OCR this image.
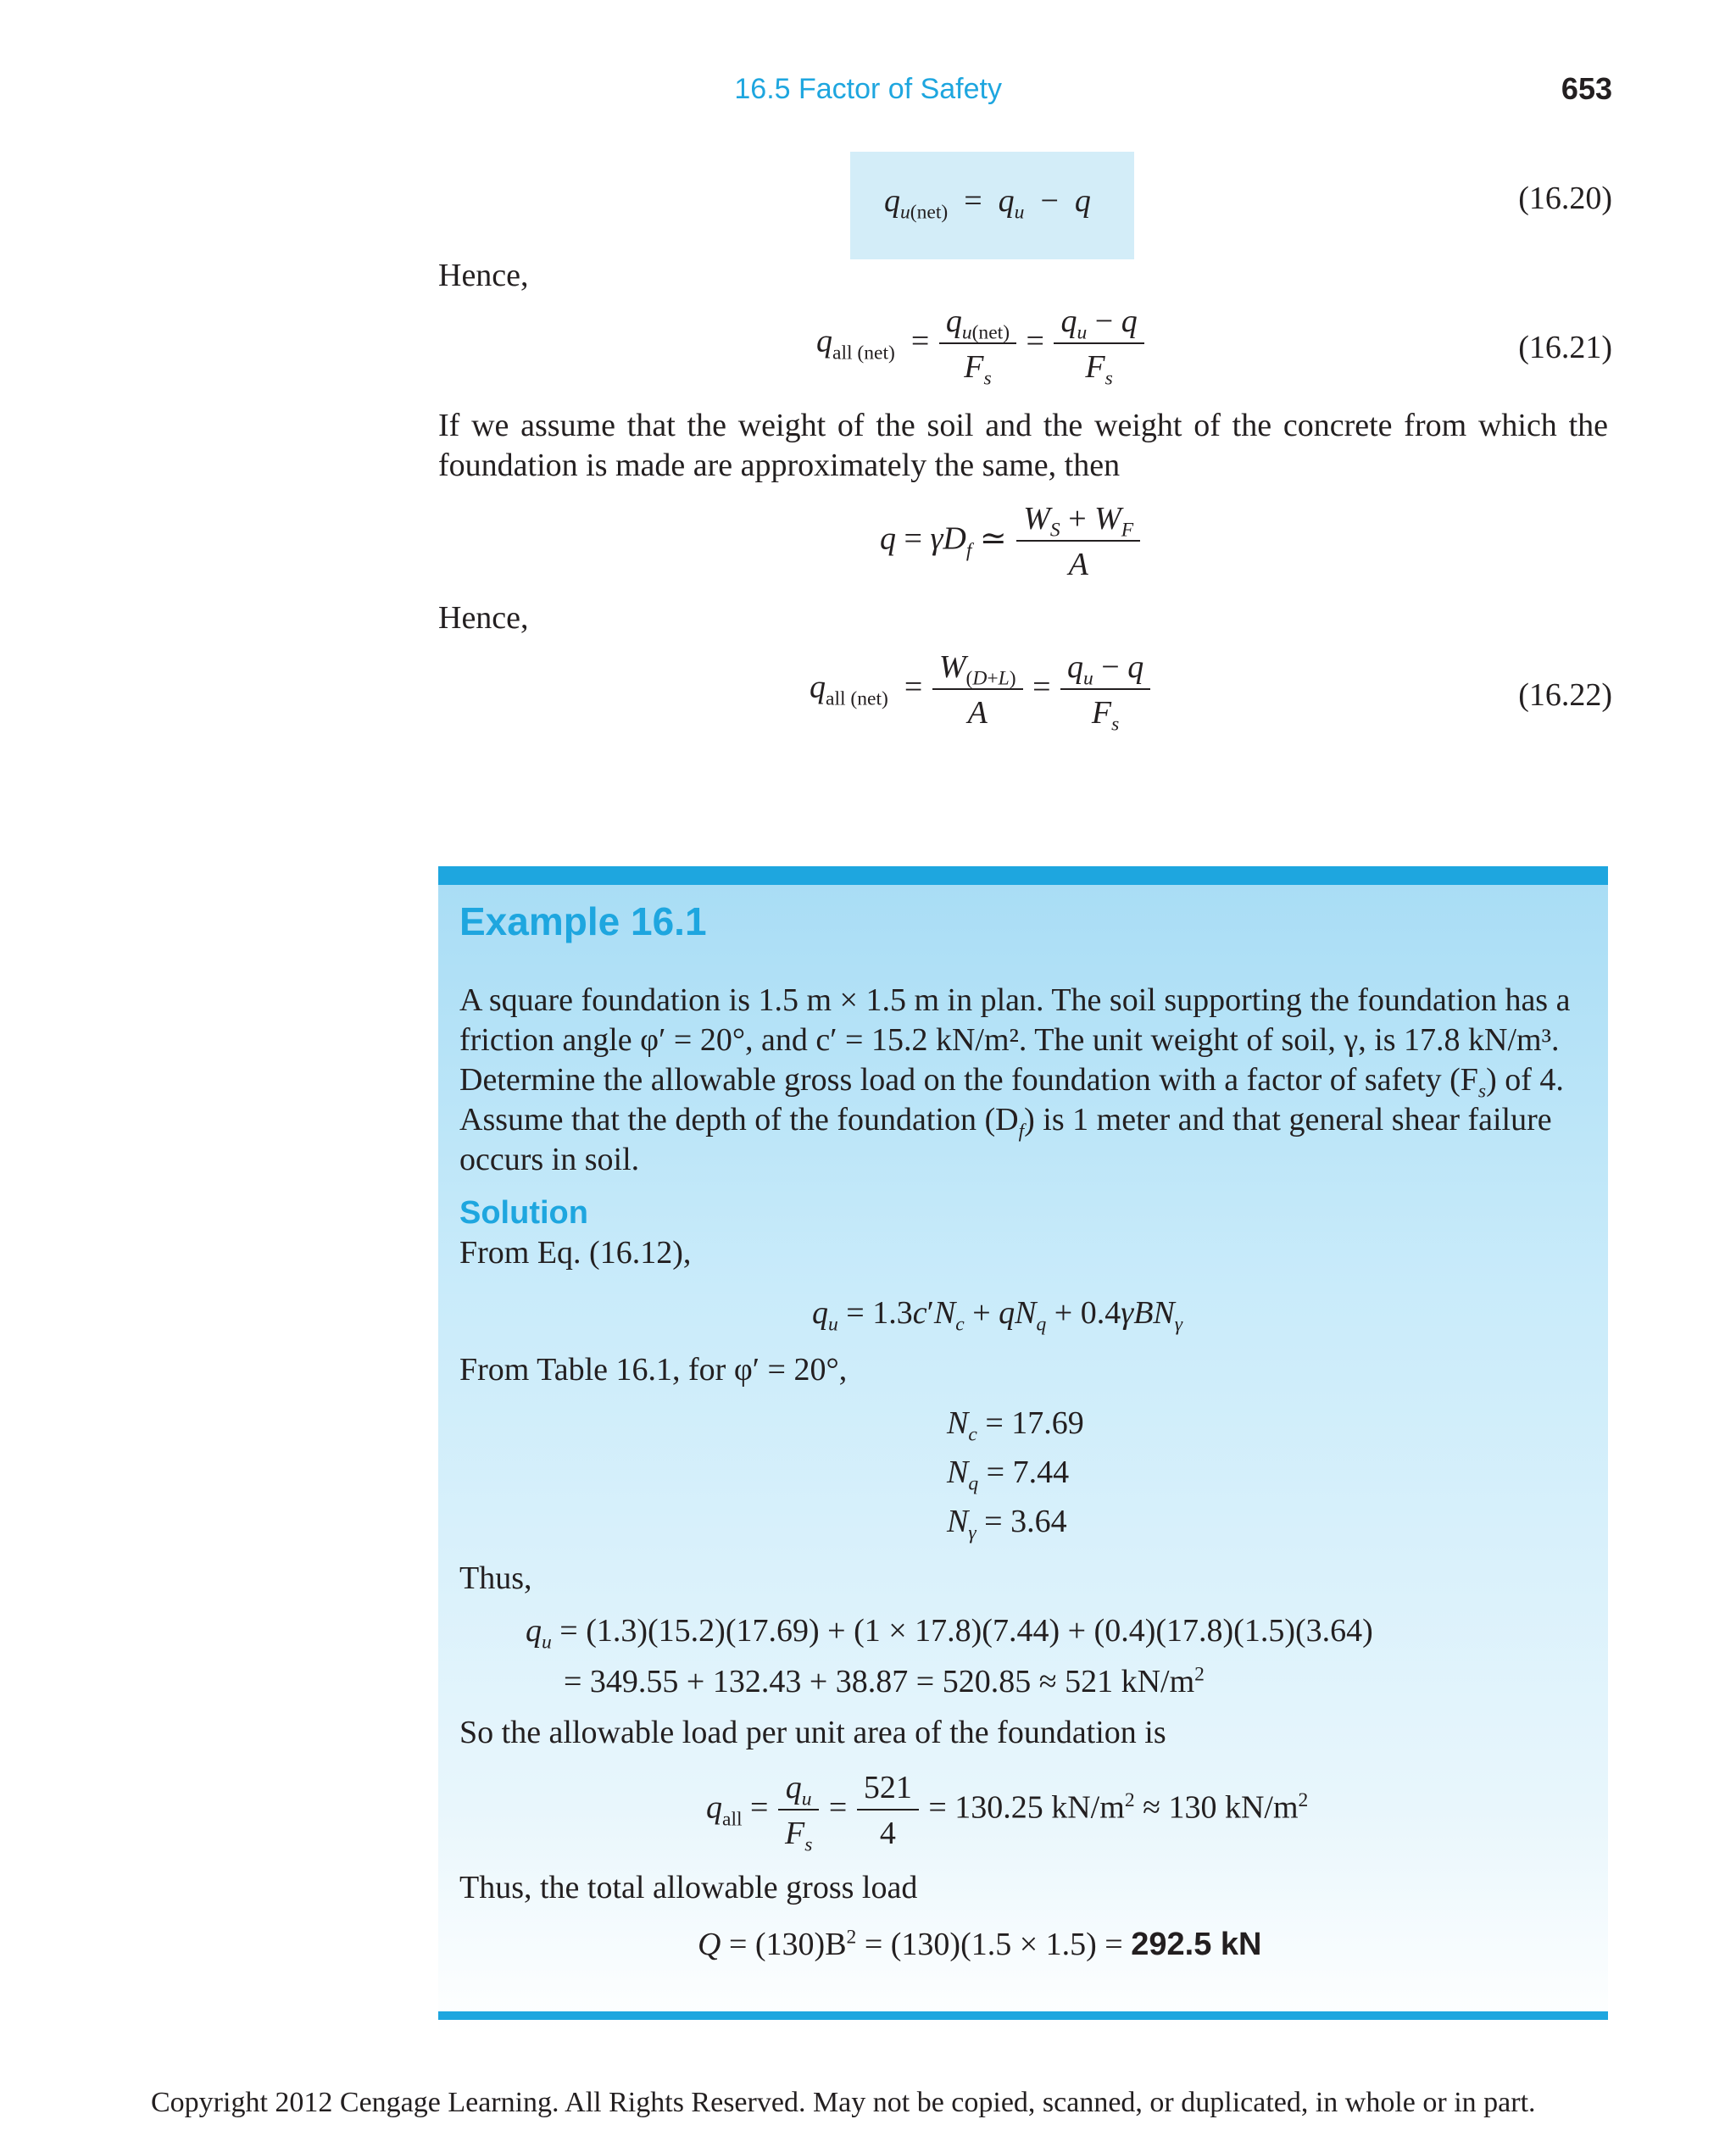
16.5 Factor of Safety	653
$q_{u(net)} = q_u - q$	(16.20)
Hence,
$q_{all (net)} = \frac{q_{u(net)}}{F_s} = \frac{q_u - q}{F_s}$	(16.21)
If we assume that the weight of the soil and the weight of the concrete from which the foundation is made are approximately the same, then
$q = \gamma D_f$ ≃ $\frac{W_S + W_F}{A}$
Hence,
$q_{all (net)} = \frac{W_{(D+L)}}{A} = \frac{q_u - q}{F_s}$	(16.22)
Example 16.1
A square foundation is 1.5 m × 1.5 m in plan. The soil supporting the foundation has a
friction angle φ′ = 20°, and c′ = 15.2 kN/m². The unit weight of soil, γ, is 17.8 kN/m³.
Determine the allowable gross load on the foundation with a factor of safety $(F_s)$ of 4.
Assume that the depth of the foundation $(D_f)$ is 1 meter and that general shear failure
occurs in soil.
Solution
From Eq. (16.12),
$q_u = 1.3c'N_c + qN_q + 0.4\gamma BN_\gamma$
From Table 16.1, for φ′ = 20°,
$N_c = 17.69$
$N_q = 7.44$
$N_\gamma = 3.64$
Thus,
$q_u = (1.3)(15.2)(17.69) + (1 \times 17.8)(7.44) + (0.4)(17.8)(1.5)(3.64)$
= 349.55 + 132.43 + 38.87 = 520.85 ≈ 521 $kN/m^2$
So the allowable load per unit area of the foundation is
$q_{all} = \frac{q_u}{F_s} = \frac{521}{4} = 130.25$ $kN/m^2 \approx 130$ $kN/m^2$
Thus, the total allowable gross load
$Q = (130)B^2 = (130)(1.5 \times 1.5) = 292.5$ kN
Copyright 2012 Cengage Learning. All Rights Reserved. May not be copied, scanned, or duplicated, in whole or in part.
